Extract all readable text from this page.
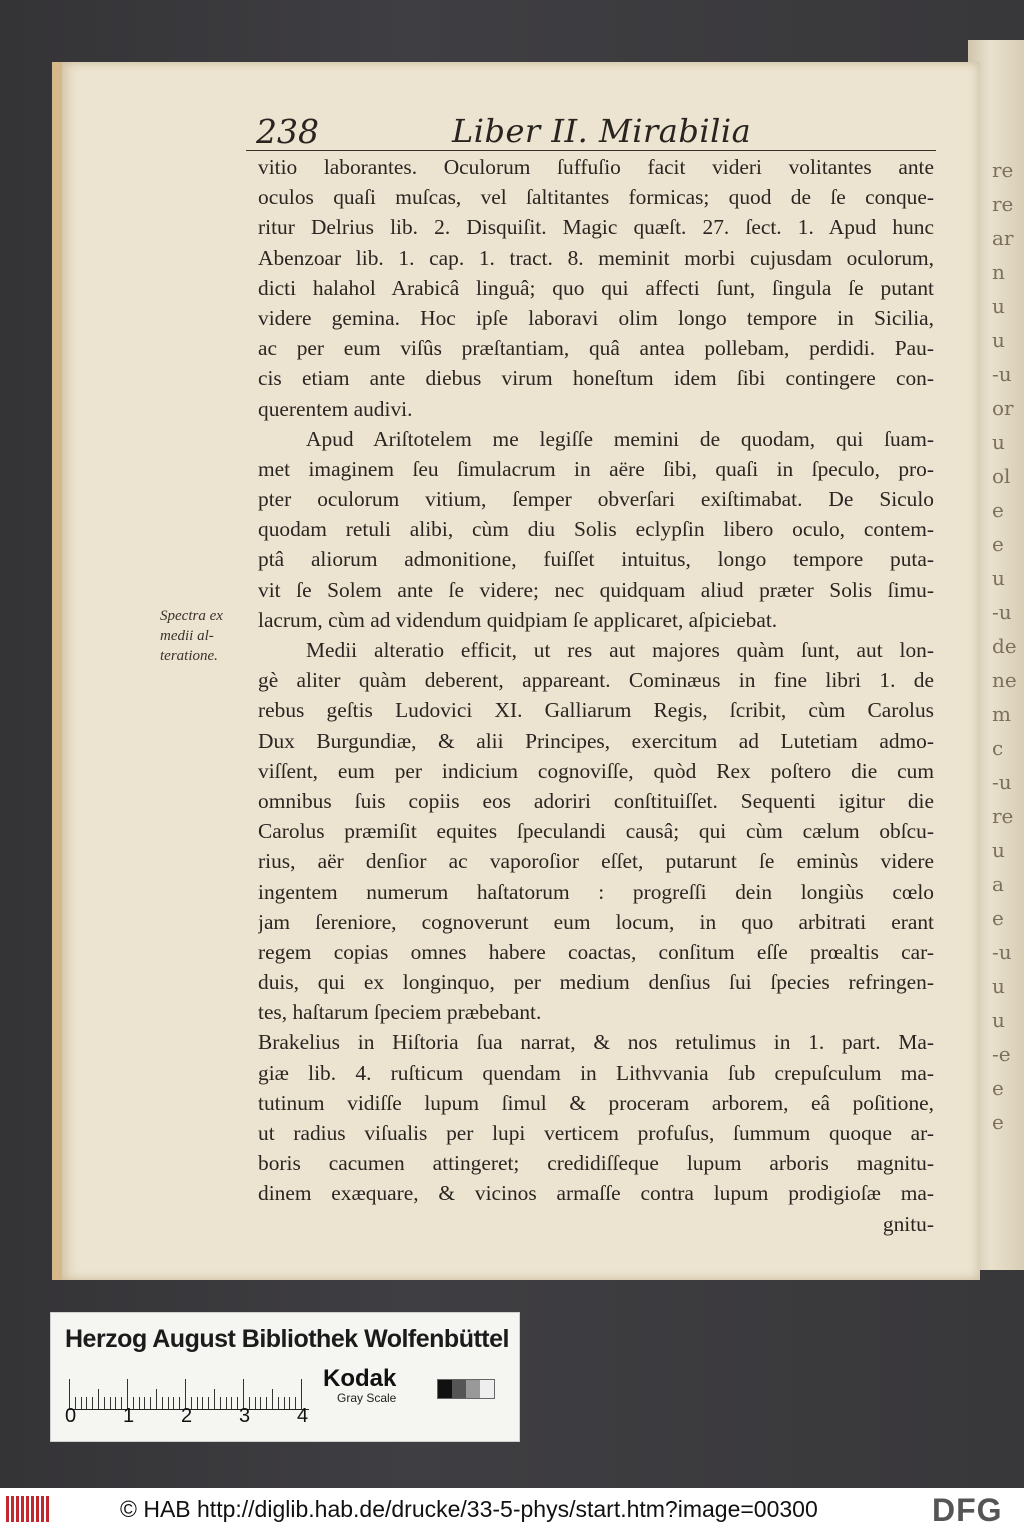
re
re
ar
n
u
u
-u
or
u
ol
e
e
u
-u
de
ne
m
c
-u
re
u
a
e
-u
u
u
-e
e
e
238	Liber II. Mirabilia
vitio laborantes. Oculorum ſuffuſio facit videri volitantes ante
oculos quaſi muſcas, vel ſaltitantes formicas; quod de ſe conque-
ritur Delrius lib. 2. Disquiſit. Magic quæſt. 27. ſect. 1. Apud hunc
Abenzoar lib. 1. cap. 1. tract. 8. meminit morbi cujusdam oculorum,
dicti halahol Arabicâ linguâ; quo qui affecti ſunt, ſingula ſe putant
videre gemina. Hoc ipſe laboravi olim longo tempore in Sicilia,
ac per eum viſûs præſtantiam, quâ antea pollebam, perdidi. Pau-
cis etiam ante diebus virum honeſtum idem ſibi contingere con-
querentem audivi.
Apud Ariſtotelem me legiſſe memini de quodam, qui ſuam-
met imaginem ſeu ſimulacrum in aëre ſibi, quaſi in ſpeculo, pro-
pter oculorum vitium, ſemper obverſari exiſtimabat. De Siculo
quodam retuli alibi, cùm diu Solis eclypſin libero oculo, contem-
ptâ aliorum admonitione, fuiſſet intuitus, longo tempore puta-
vit ſe Solem ante ſe videre; nec quidquam aliud præter Solis ſimu-
lacrum, cùm ad videndum quidpiam ſe applicaret, aſpiciebat.
Medii alteratio efficit, ut res aut majores quàm ſunt, aut lon-
gè aliter quàm deberent, appareant. Cominæus in fine libri 1. de
rebus geſtis Ludovici XI. Galliarum Regis, ſcribit, cùm Carolus
Dux Burgundiæ, & alii Principes, exercitum ad Lutetiam admo-
viſſent, eum per indicium cognoviſſe, quòd Rex poſtero die cum
omnibus ſuis copiis eos adoriri conſtituiſſet. Sequenti igitur die
Carolus præmiſit equites ſpeculandi causâ; qui cùm cælum obſcu-
rius, aër denſior ac vaporoſior eſſet, putarunt ſe eminùs videre
ingentem numerum haſtatorum : progreſſi dein longiùs cœlo
jam ſereniore, cognoverunt eum locum, in quo arbitrati erant
regem copias omnes habere coactas, conſitum eſſe prœaltis car-
duis, qui ex longinquo, per medium denſius ſui ſpecies refringen-
tes, haſtarum ſpeciem præbebant.
Brakelius in Hiſtoria ſua narrat, & nos retulimus in 1. part. Ma-
giæ lib. 4. ruſticum quendam in Lithvvania ſub crepuſculum ma-
tutinum vidiſſe lupum ſimul & proceram arborem, eâ poſitione,
ut radius viſualis per lupi verticem profuſus, ſummum quoque ar-
boris cacumen attingeret; credidiſſeque lupum arboris magnitu-
dinem exæquare, & vicinos armaſſe contra lupum prodigioſæ ma-
gnitu-
Spectra ex
medii al-
teratione.
Herzog August Bibliothek Wolfenbüttel
0 1 2 3 4
Kodak
Gray Scale
© HAB http://diglib.hab.de/drucke/33-5-phys/start.htm?image=00300	DFG
